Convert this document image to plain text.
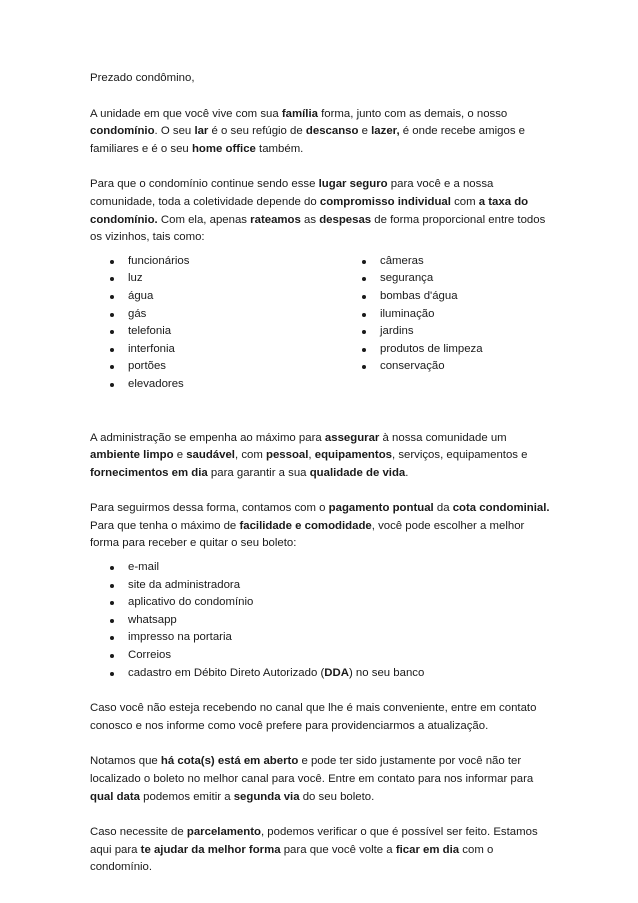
Prezado condômino,

A unidade em que você vive com sua família forma, junto com as demais, o nosso condomínio. O seu lar é o seu refúgio de descanso e lazer, é onde recebe amigos e familiares e é o seu home office também.

Para que o condomínio continue sendo esse lugar seguro para você e a nossa comunidade, toda a coletividade depende do compromisso individual com a taxa do condomínio. Com ela, apenas rateamos as despesas de forma proporcional entre todos os vizinhos, tais como:

funcionários
luz
água
gás
telefonia
interfonia
portões
elevadores
câmeras
segurança
bombas d'água
iluminação
jardins
produtos de limpeza
conservação

A administração se empenha ao máximo para assegurar à nossa comunidade um ambiente limpo e saudável, com pessoal, equipamentos, serviços, equipamentos e fornecimentos em dia para garantir a sua qualidade de vida.

Para seguirmos dessa forma, contamos com o pagamento pontual da cota condominial. Para que tenha o máximo de facilidade e comodidade, você pode escolher a melhor forma para receber e quitar o seu boleto:

e-mail
site da administradora
aplicativo do condomínio
whatsapp
impresso na portaria
Correios
cadastro em Débito Direto Autorizado (DDA) no seu banco

Caso você não esteja recebendo no canal que lhe é mais conveniente, entre em contato conosco e nos informe como você prefere para providenciarmos a atualização.

Notamos que há cota(s) está em aberto e pode ter sido justamente por você não ter localizado o boleto no melhor canal para você. Entre em contato para nos informar para qual data podemos emitir a segunda via do seu boleto.

Caso necessite de parcelamento, podemos verificar o que é possível ser feito. Estamos aqui para te ajudar da melhor forma para que você volte a ficar em dia com o condomínio.
